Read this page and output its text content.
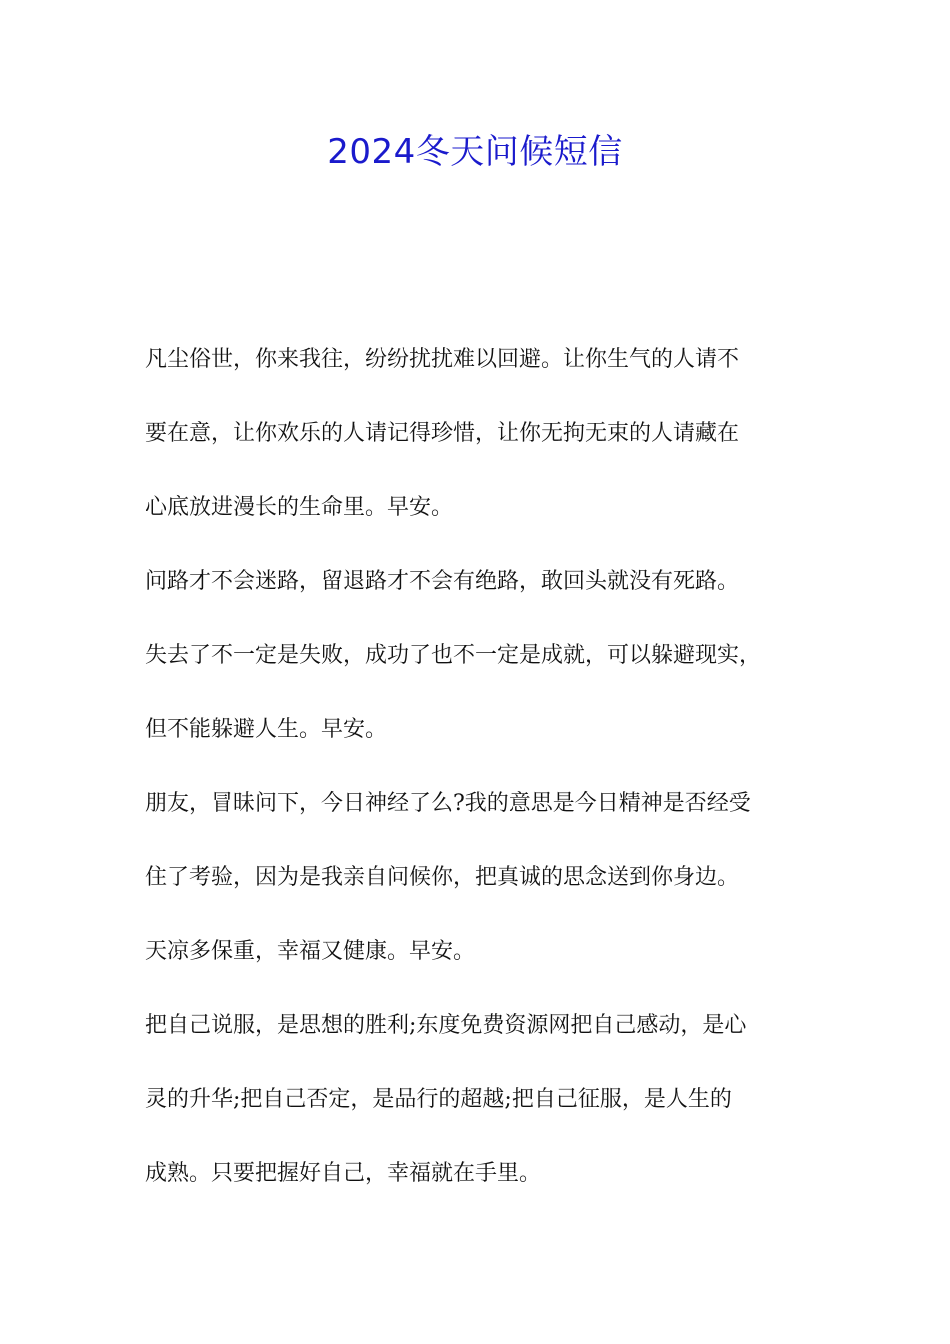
2024冬天问候短信
凡尘俗世，你来我往，纷纷扰扰难以回避。让你生气的人请不
要在意，让你欢乐的人请记得珍惜，让你无拘无束的人请藏在
心底放进漫长的生命里。早安。
问路才不会迷路，留退路才不会有绝路，敢回头就没有死路。
失去了不一定是失败，成功了也不一定是成就，可以躲避现实，
但不能躲避人生。早安。
朋友，冒昧问下，今日神经了么?我的意思是今日精神是否经受
住了考验，因为是我亲自问候你，把真诚的思念送到你身边。
天凉多保重，幸福又健康。早安。
把自己说服，是思想的胜利;东度免费资源网把自己感动，是心
灵的升华;把自己否定，是品行的超越;把自己征服，是人生的
成熟。只要把握好自己，幸福就在手里。
